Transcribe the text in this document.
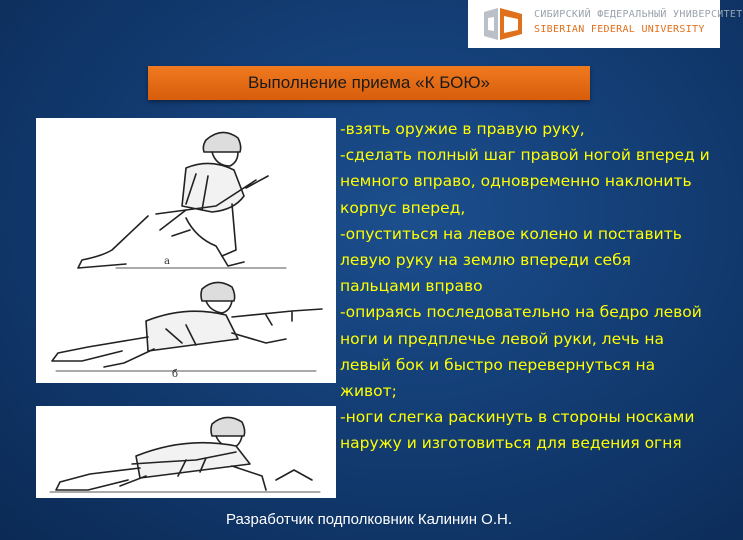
СИБИРСКИЙ ФЕДЕРАЛЬНЫЙ УНИВЕРСИТЕТ
SIBERIAN FEDERAL UNIVERSITY
Выполнение приема «К БОЮ»
а
б
-взять оружие в правую руку,
-сделать полный шаг правой ногой вперед и немного вправо, одновременно наклонить корпус вперед,
-опуститься на левое колено и поставить левую руку на землю впереди себя пальцами вправо
-опираясь последовательно на бедро левой ноги и предплечье левой руки, лечь на левый бок и быстро перевернуться на живот;
-ноги слегка раскинуть в стороны носками наружу и изготовиться для ведения огня
Разработчик подполковник Калинин О.Н.
